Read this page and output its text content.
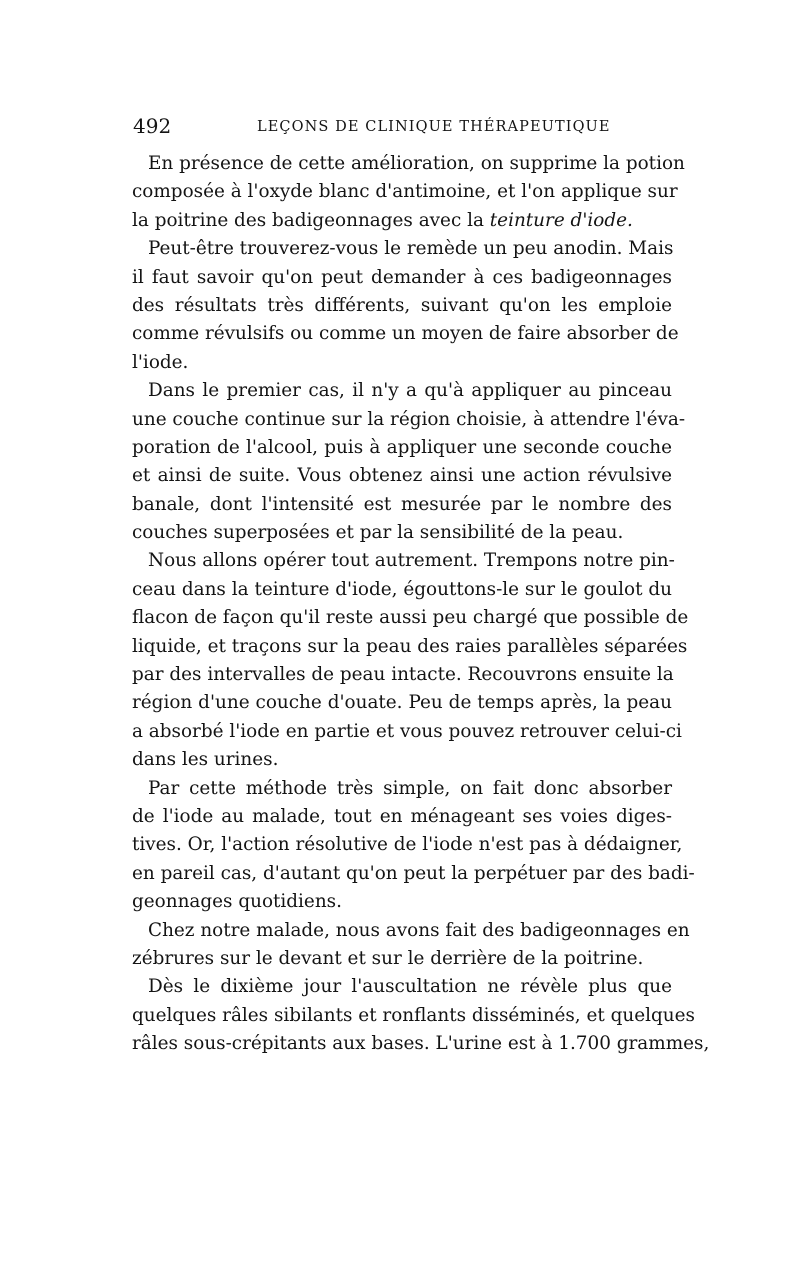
492	LEÇONS DE CLINIQUE THÉRAPEUTIQUE
En présence de cette amélioration, on supprime la potion
composée à l'oxyde blanc d'antimoine, et l'on applique sur
la poitrine des badigeonnages avec la teinture d'iode.
Peut-être trouverez-vous le remède un peu anodin. Mais
il faut savoir qu'on peut demander à ces badigeonnages
des résultats très différents, suivant qu'on les emploie
comme révulsifs ou comme un moyen de faire absorber de
l'iode.
Dans le premier cas, il n'y a qu'à appliquer au pinceau
une couche continue sur la région choisie, à attendre l'éva-
poration de l'alcool, puis à appliquer une seconde couche
et ainsi de suite. Vous obtenez ainsi une action révulsive
banale, dont l'intensité est mesurée par le nombre des
couches superposées et par la sensibilité de la peau.
Nous allons opérer tout autrement. Trempons notre pin-
ceau dans la teinture d'iode, égouttons-le sur le goulot du
flacon de façon qu'il reste aussi peu chargé que possible de
liquide, et traçons sur la peau des raies parallèles séparées
par des intervalles de peau intacte. Recouvrons ensuite la
région d'une couche d'ouate. Peu de temps après, la peau
a absorbé l'iode en partie et vous pouvez retrouver celui-ci
dans les urines.
Par cette méthode très simple, on fait donc absorber
de l'iode au malade, tout en ménageant ses voies diges-
tives. Or, l'action résolutive de l'iode n'est pas à dédaigner,
en pareil cas, d'autant qu'on peut la perpétuer par des badi-
geonnages quotidiens.
Chez notre malade, nous avons fait des badigeonnages en
zébrures sur le devant et sur le derrière de la poitrine.
Dès le dixième jour l'auscultation ne révèle plus que
quelques râles sibilants et ronflants disséminés, et quelques
râles sous-crépitants aux bases. L'urine est à 1.700 grammes,
